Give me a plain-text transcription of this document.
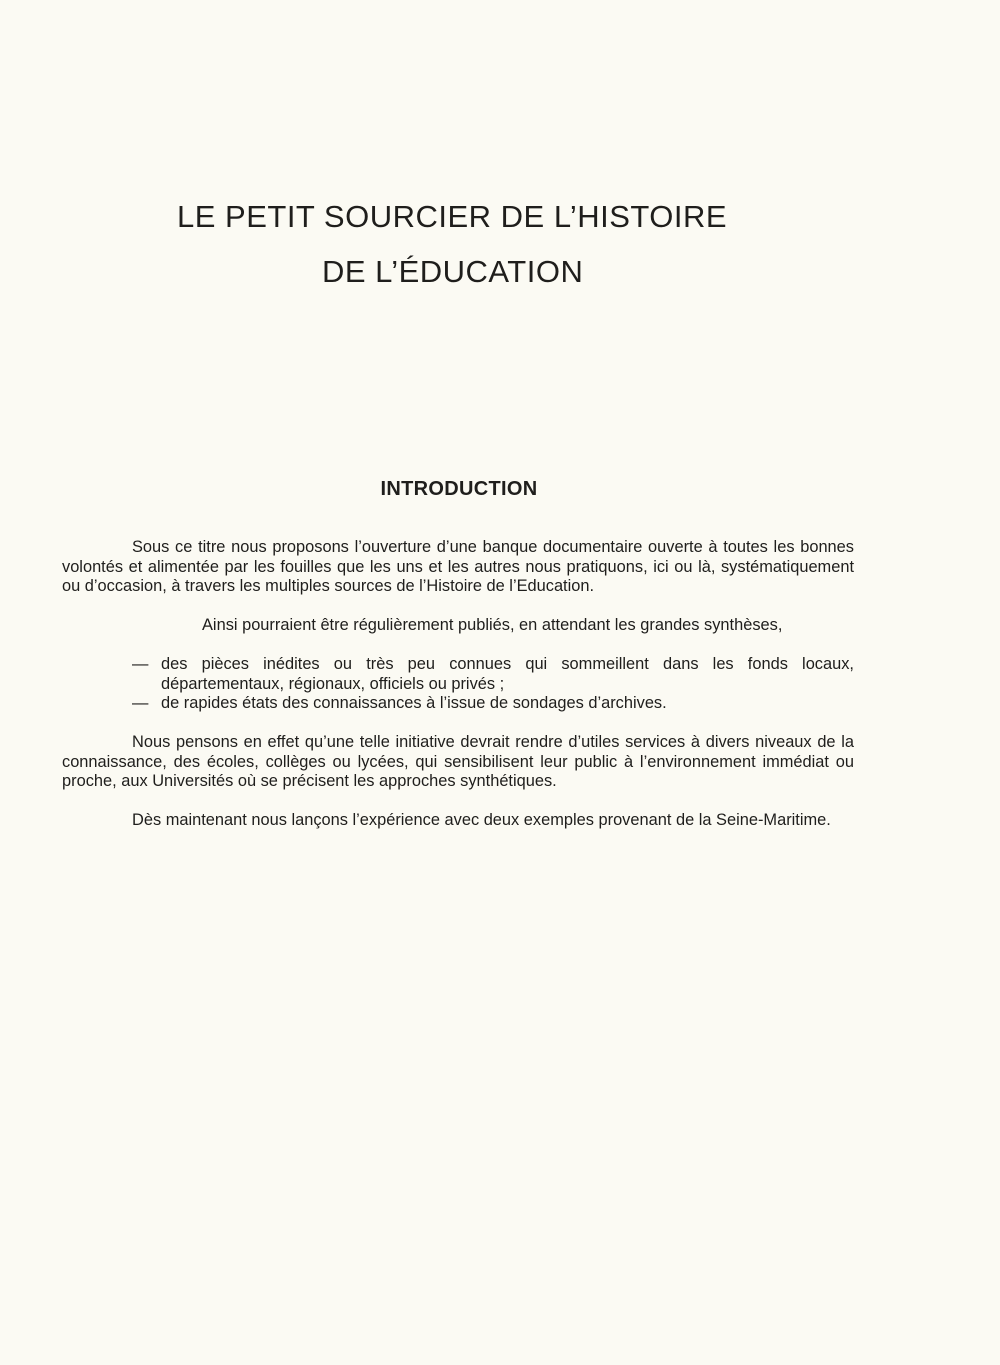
LE PETIT SOURCIER DE L’HISTOIRE
DE L’ÉDUCATION
INTRODUCTION

Sous ce titre nous proposons l’ouverture d’une banque documentaire ouverte à toutes les bonnes volontés et alimentée par les fouilles que les uns et les autres nous pratiquons, ici ou là, systématiquement ou d’occasion, à travers les multiples sources de l’Histoire de l’Education.

Ainsi pourraient être régulièrement publiés, en attendant les grandes synthèses,

— des pièces inédites ou très peu connues qui sommeillent dans les fonds locaux, départementaux, régionaux, officiels ou privés ;
— de rapides états des connaissances à l’issue de sondages d’archives.

Nous pensons en effet qu’une telle initiative devrait rendre d’utiles services à divers niveaux de la connaissance, des écoles, collèges ou lycées, qui sensibilisent leur public à l’environnement immédiat ou proche, aux Universités où se précisent les approches synthétiques.

Dès maintenant nous lançons l’expérience avec deux exemples provenant de la Seine-Maritime.
